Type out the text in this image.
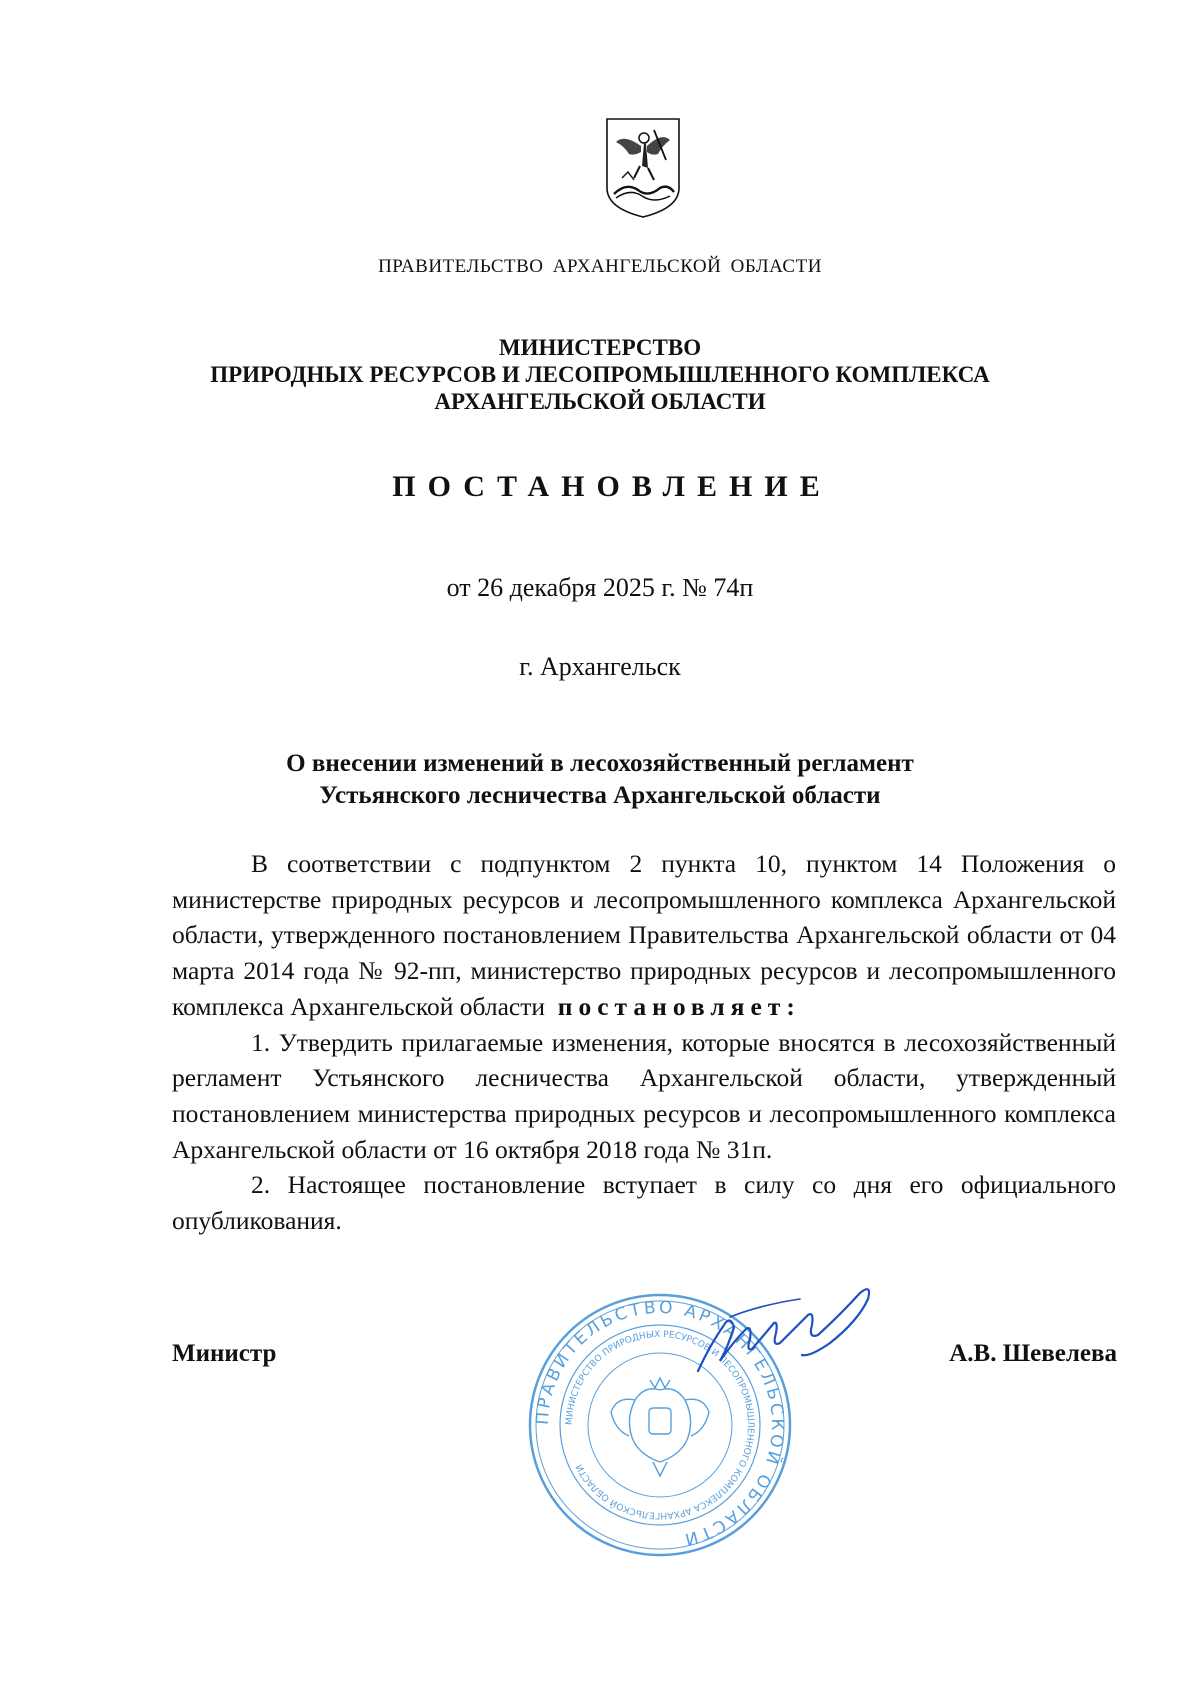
ПРАВИТЕЛЬСТВО АРХАНГЕЛЬСКОЙ ОБЛАСТИ
МИНИСТЕРСТВО
ПРИРОДНЫХ РЕСУРСОВ И ЛЕСОПРОМЫШЛЕННОГО КОМПЛЕКСА
АРХАНГЕЛЬСКОЙ ОБЛАСТИ
ПОСТАНОВЛЕНИЕ
от 26 декабря 2025 г. № 74п
г. Архангельск
О внесении изменений в лесохозяйственный регламент
Устьянского лесничества Архангельской области

В соответствии с подпунктом 2 пункта 10, пунктом 14 Положения о министерстве природных ресурсов и лесопромышленного комплекса Архангельской области, утвержденного постановлением Правительства Архангельской области от 04 марта 2014 года № 92-пп, министерство природных ресурсов и лесопромышленного комплекса Архангельской области постановляет:

1. Утвердить прилагаемые изменения, которые вносятся в лесохозяйственный регламент Устьянского лесничества Архангельской области, утвержденный постановлением министерства природных ресурсов и лесопромышленного комплекса Архангельской области от 16 октября 2018 года № 31п.

2. Настоящее постановление вступает в силу со дня его официального опубликования.

ПРАВИТЕЛЬСТВО АРХАНГЕЛЬСКОЙ ОБЛАСТИ
МИНИСТЕРСТВО ПРИРОДНЫХ РЕСУРСОВ И ЛЕСОПРОМЫШЛЕННОГО КОМПЛЕКСА АРХАНГЕЛЬСКОЙ ОБЛАСТИ
Министр	А.В. Шевелева
